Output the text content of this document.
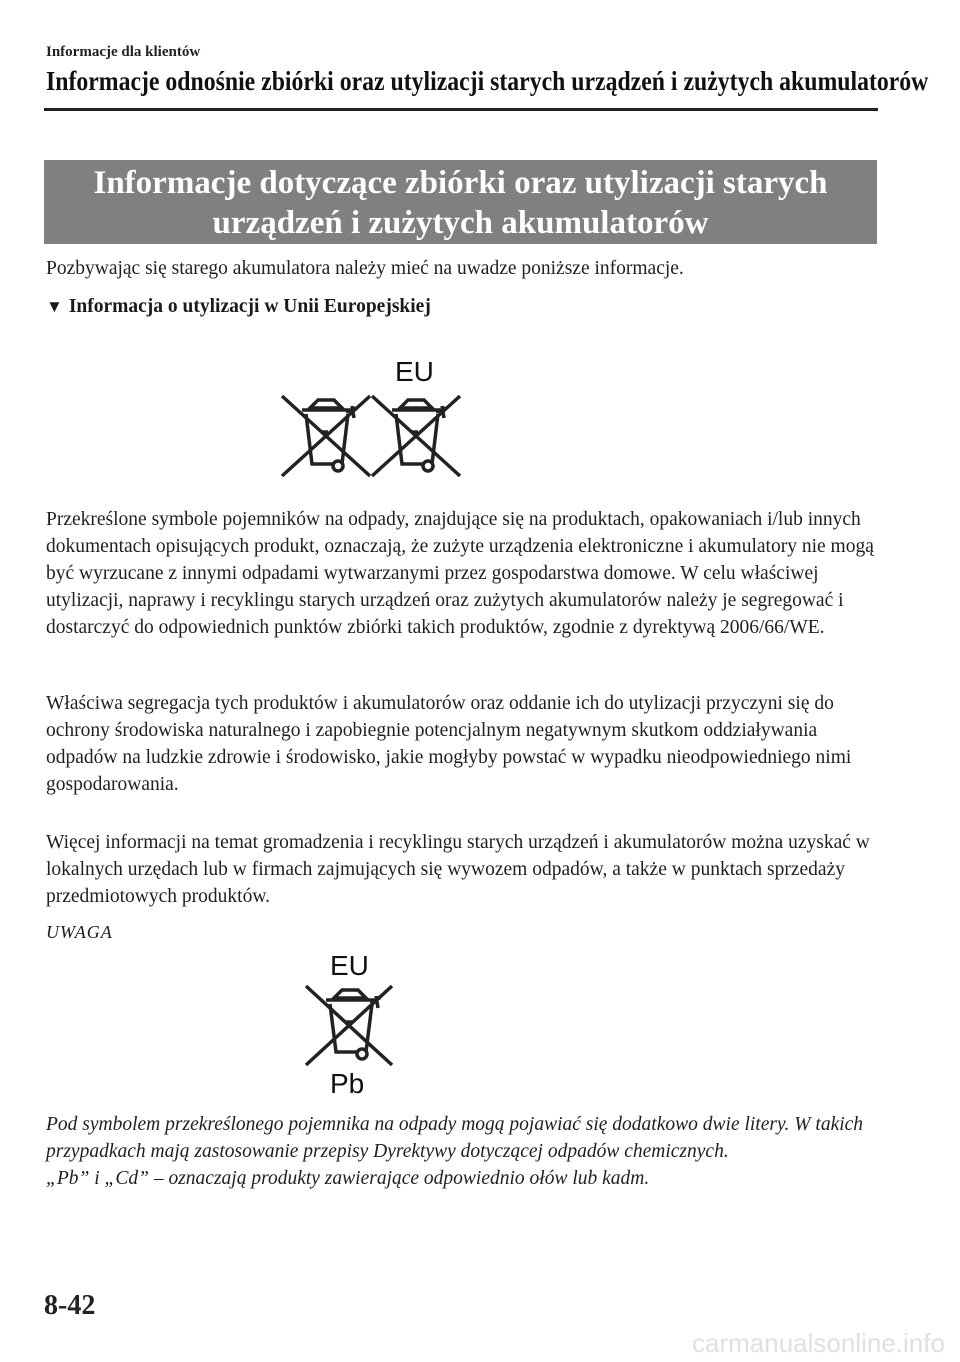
Informacje dla klientów
Informacje odnośnie zbiórki oraz utylizacji starych urządzeń i zużytych akumulatorów
Informacje dotyczące zbiórki oraz utylizacji starych
urządzeń i zużytych akumulatorów
Pozbywając się starego akumulatora należy mieć na uwadze poniższe informacje.
▼ Informacja o utylizacji w Unii Europejskiej
EU
Przekreślone symbole pojemników na odpady, znajdujące się na produktach, opakowaniach i/lub innych dokumentach opisujących produkt, oznaczają, że zużyte urządzenia elektroniczne i akumulatory nie mogą być wyrzucane z innymi odpadami wytwarzanymi przez gospodarstwa domowe. W celu właściwej utylizacji, naprawy i recyklingu starych urządzeń oraz zużytych akumulatorów należy je segregować i dostarczyć do odpowiednich punktów zbiórki takich produktów, zgodnie z dyrektywą 2006/66/WE.
Właściwa segregacja tych produktów i akumulatorów oraz oddanie ich do utylizacji przyczyni się do ochrony środowiska naturalnego i zapobiegnie potencjalnym negatywnym skutkom oddziaływania odpadów na ludzkie zdrowie i środowisko, jakie mogłyby powstać w wypadku nieodpowiedniego nimi gospodarowania.
Więcej informacji na temat gromadzenia i recyklingu starych urządzeń i akumulatorów można uzyskać w lokalnych urzędach lub w firmach zajmujących się wywozem odpadów, a także w punktach sprzedaży przedmiotowych produktów.
UWAGA
EU
Pb
Pod symbolem przekreślonego pojemnika na odpady mogą pojawiać się dodatkowo dwie litery. W takich przypadkach mają zastosowanie przepisy Dyrektywy dotyczącej odpadów chemicznych.
„Pb” i „Cd” – oznaczają produkty zawierające odpowiednio ołów lub kadm.
8-42
carmanualsonline.info
